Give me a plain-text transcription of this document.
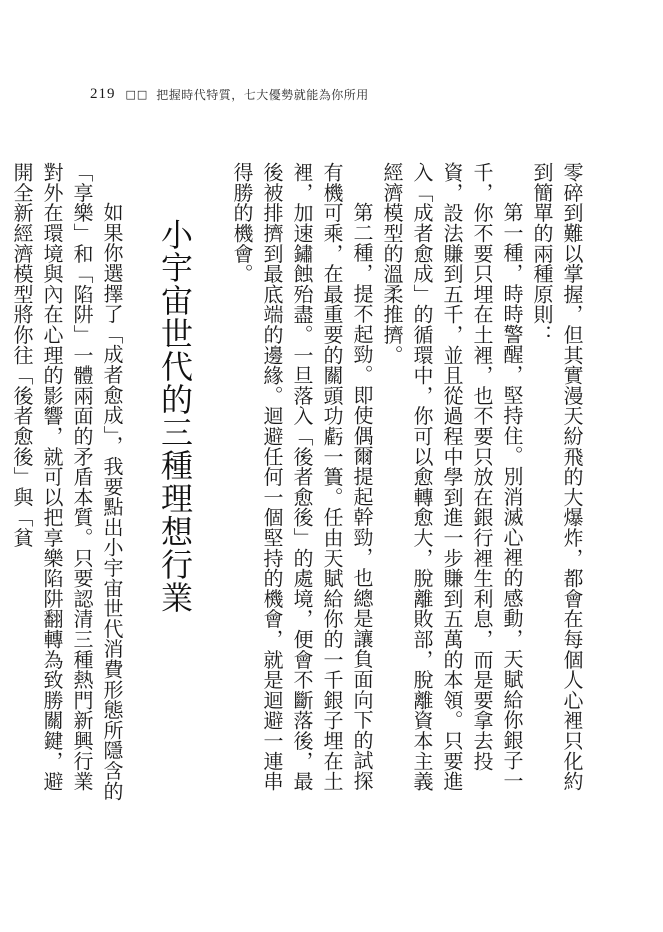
219 □□ 把握時代特質，七大優勢就能為你所用

零碎到難以掌握，但其實漫天紛飛的大爆炸，都會在每個人心裡只化約到簡單的兩種原則：

第一種，時時警醒，堅持住。別消滅心裡的感動，天賦給你銀子一千，你不要只埋在土裡，也不要只放在銀行裡生利息，而是要拿去投資，設法賺到五千，並且從過程中學到進一步賺到五萬的本領。只要進入「成者愈成」的循環中，你可以愈轉愈大，脫離敗部，脫離資本主義經濟模型的溫柔推擠。

第二種，提不起勁。即使偶爾提起幹勁，也總是讓負面向下的試探有機可乘，在最重要的關頭功虧一簣。任由天賦給你的一千銀子埋在土裡，加速鏽蝕殆盡。一旦落入「後者愈後」的處境，便會不斷落後，最後被排擠到最底端的邊緣。迴避任何一個堅持的機會，就是迴避一連串得勝的機會。

小宇宙世代的三種理想行業

如果你選擇了「成者愈成」，我要點出小宇宙世代消費形態所隱含的「享樂」和「陷阱」一體兩面的矛盾本質。只要認清三種熱門新興行業對外在環境與內在心理的影響，就可以把享樂陷阱翻轉為致勝關鍵，避開全新經濟模型將你往「後者愈後」與「貧
